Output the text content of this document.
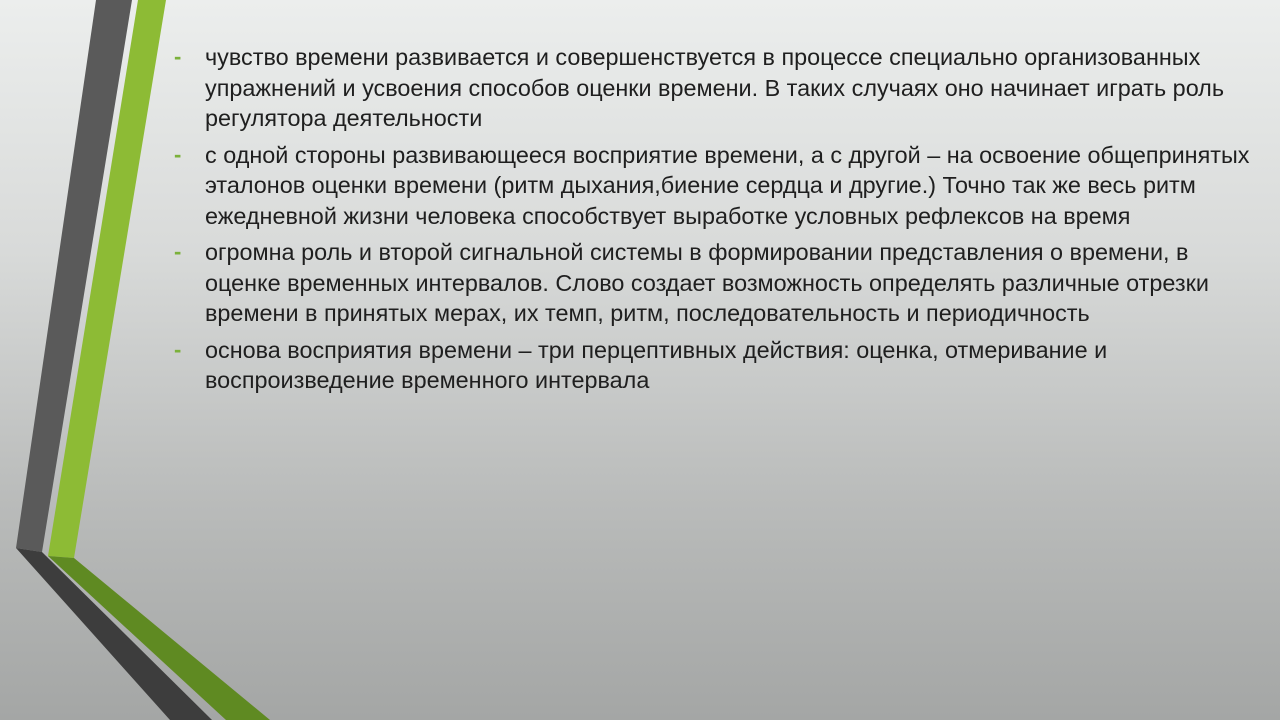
- чувство времени развивается и совершенствуется в процессе специально организованных упражнений и усвоения способов оценки времени. В таких случаях оно начинает играть роль регулятора деятельности
- с одной стороны развивающееся восприятие времени, а с другой – на освоение общепринятых эталонов оценки времени (ритм дыхания,биение сердца и другие.) Точно так же весь ритм ежедневной жизни человека способствует выработке условных рефлексов на время
- огромна роль и второй сигнальной системы в формировании представления о времени, в оценке временных интервалов. Слово создает возможность определять различные отрезки времени в принятых мерах, их темп, ритм, последовательность и периодичность
- основа восприятия времени – три перцептивных действия: оценка, отмеривание и воспроизведение временного интервала
